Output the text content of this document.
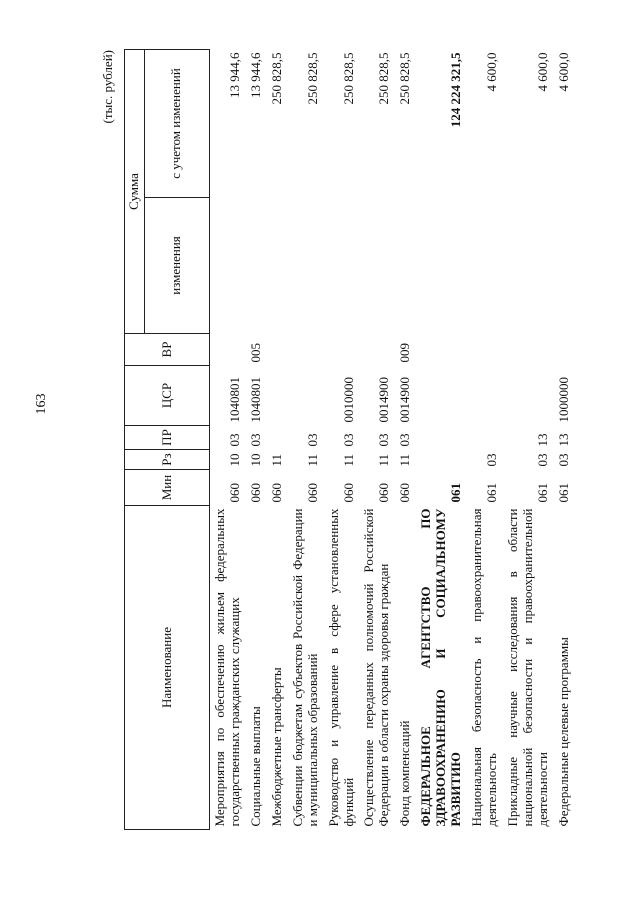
163
(тыс. рублей)
Наименование	Мин	Рз	ПР	ЦСР	ВР	Сумма	
						изменения	с учетом изменений
Мероприятия по обеспечению жильем федеральных государственных гражданских служащих	060	10	03	1040801			13 944,6
Социальные выплаты	060	10	03	1040801	005		13 944,6
Межбюджетные трансферты	060	11					250 828,5
Субвенции бюджетам субъектов Российской Федерации и муниципальных образований	060	11	03				250 828,5
Руководство и управление в сфере установленных функций	060	11	03	0010000			250 828,5
Осуществление переданных полномочий Российской Федерации в области охраны здоровья граждан	060	11	03	0014900			250 828,5
Фонд компенсаций	060	11	03	0014900	009		250 828,5
ФЕДЕРАЛЬНОЕ АГЕНТСТВО ПО ЗДРАВООХРАНЕНИЮ И СОЦИАЛЬНОМУ РАЗВИТИЮ	061						124 224 321,5
Национальная безопасность и правоохранительная деятельность	061	03					4 600,0
Прикладные научные исследования в области национальной безопасности и правоохранительной деятельности	061	03	13				4 600,0
Федеральные целевые программы	061	03	13	1000000			4 600,0
